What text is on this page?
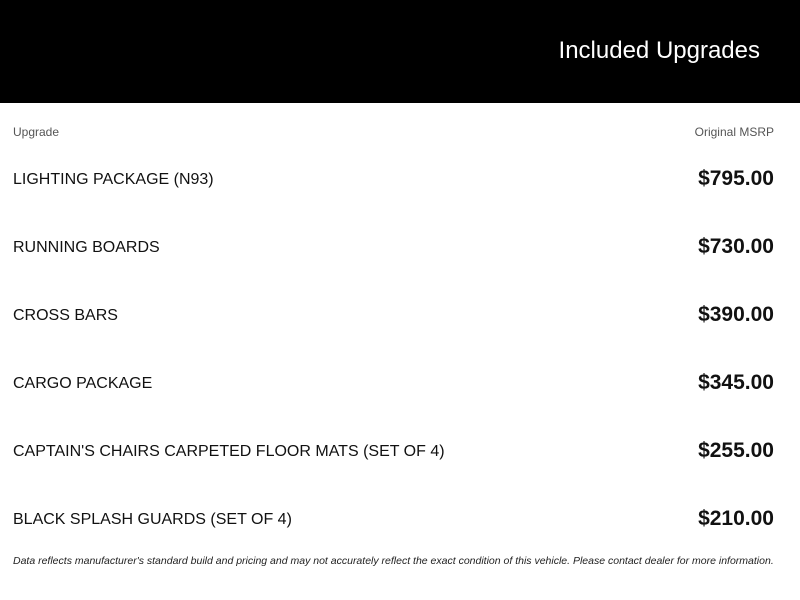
Included Upgrades
Upgrade	Original MSRP
LIGHTING PACKAGE (N93)	$795.00
RUNNING BOARDS	$730.00
CROSS BARS	$390.00
CARGO PACKAGE	$345.00
CAPTAIN'S CHAIRS CARPETED FLOOR MATS (SET OF 4)	$255.00
BLACK SPLASH GUARDS (SET OF 4)	$210.00
Data reflects manufacturer's standard build and pricing and may not accurately reflect the exact condition of this vehicle. Please contact dealer for more information.
